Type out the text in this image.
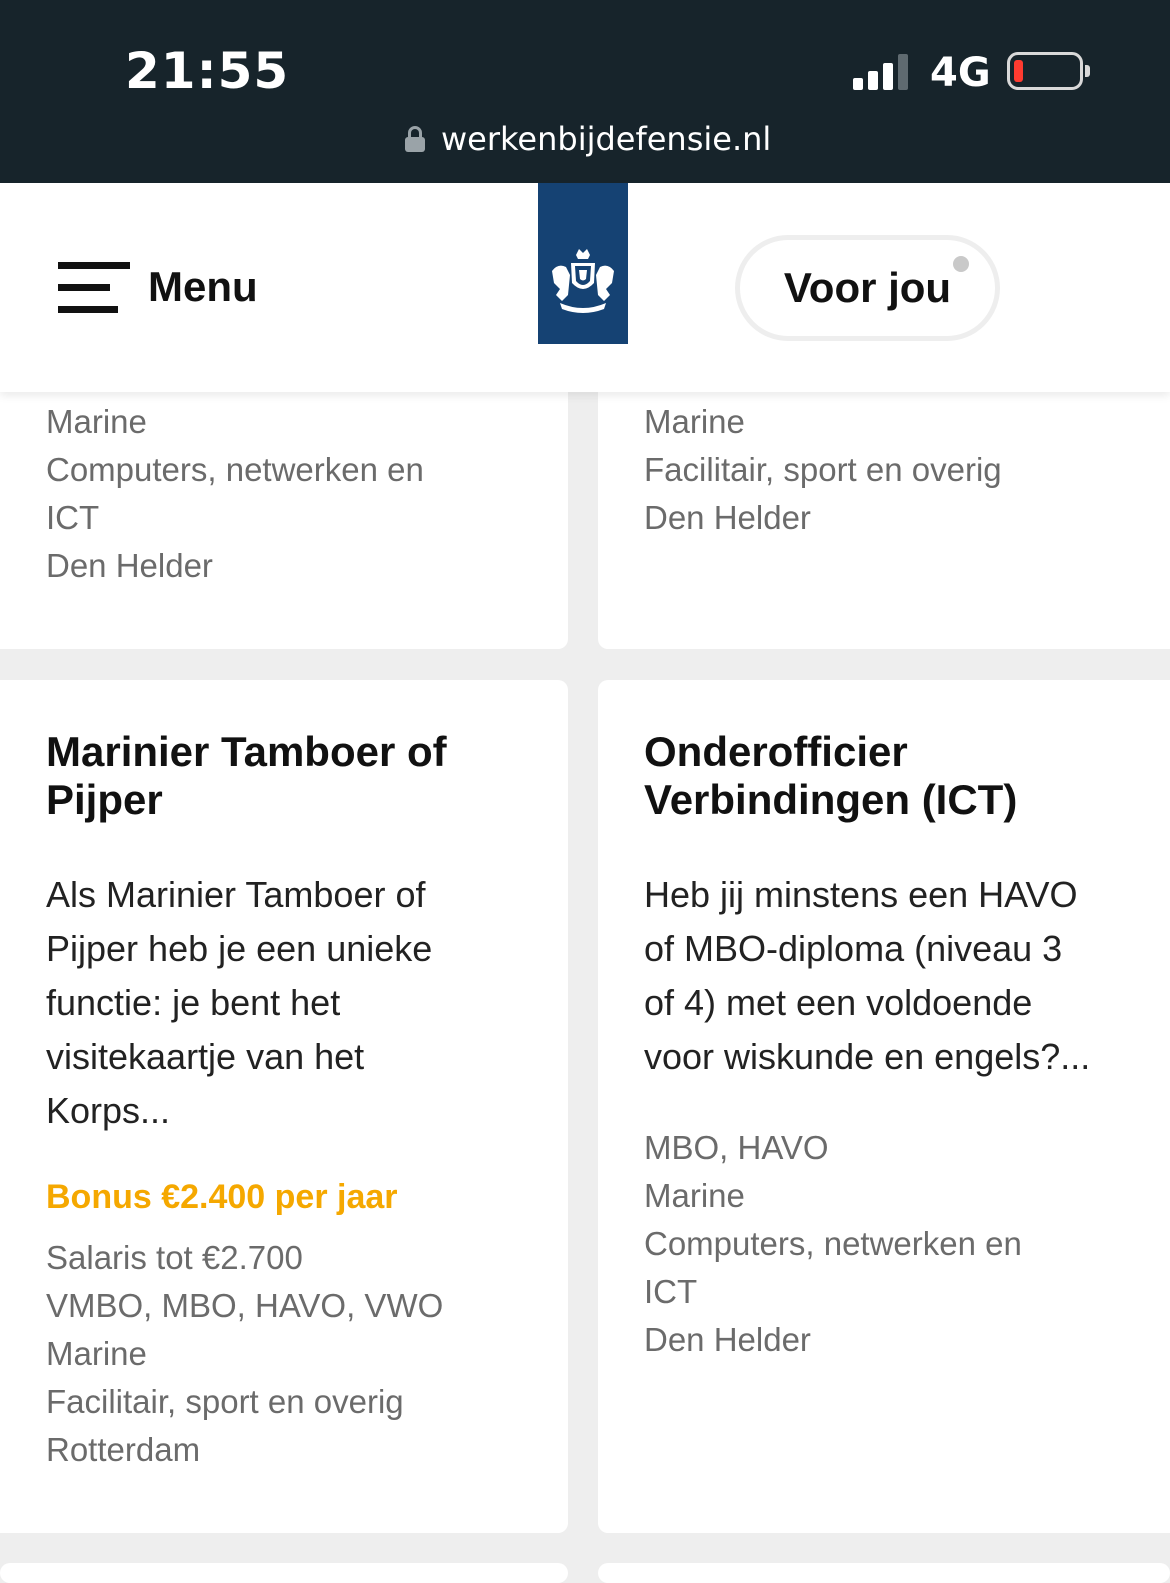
21:55	4G
werkenbijdefensie.nl
Menu	Voor jou
Marine
Computers, netwerken en
ICT
Den Helder
Marine
Facilitair, sport en overig
Den Helder
Marinier Tamboer of
Pijper
Als Marinier Tamboer of
Pijper heb je een unieke
functie: je bent het
visitekaartje van het
Korps...
Bonus €2.400 per jaar
Salaris tot €2.700
VMBO, MBO, HAVO, VWO
Marine
Facilitair, sport en overig
Rotterdam
Onderofficier
Verbindingen (ICT)
Heb jij minstens een HAVO
of MBO-diploma (niveau 3
of 4) met een voldoende
voor wiskunde en engels?...
MBO, HAVO
Marine
Computers, netwerken en
ICT
Den Helder
